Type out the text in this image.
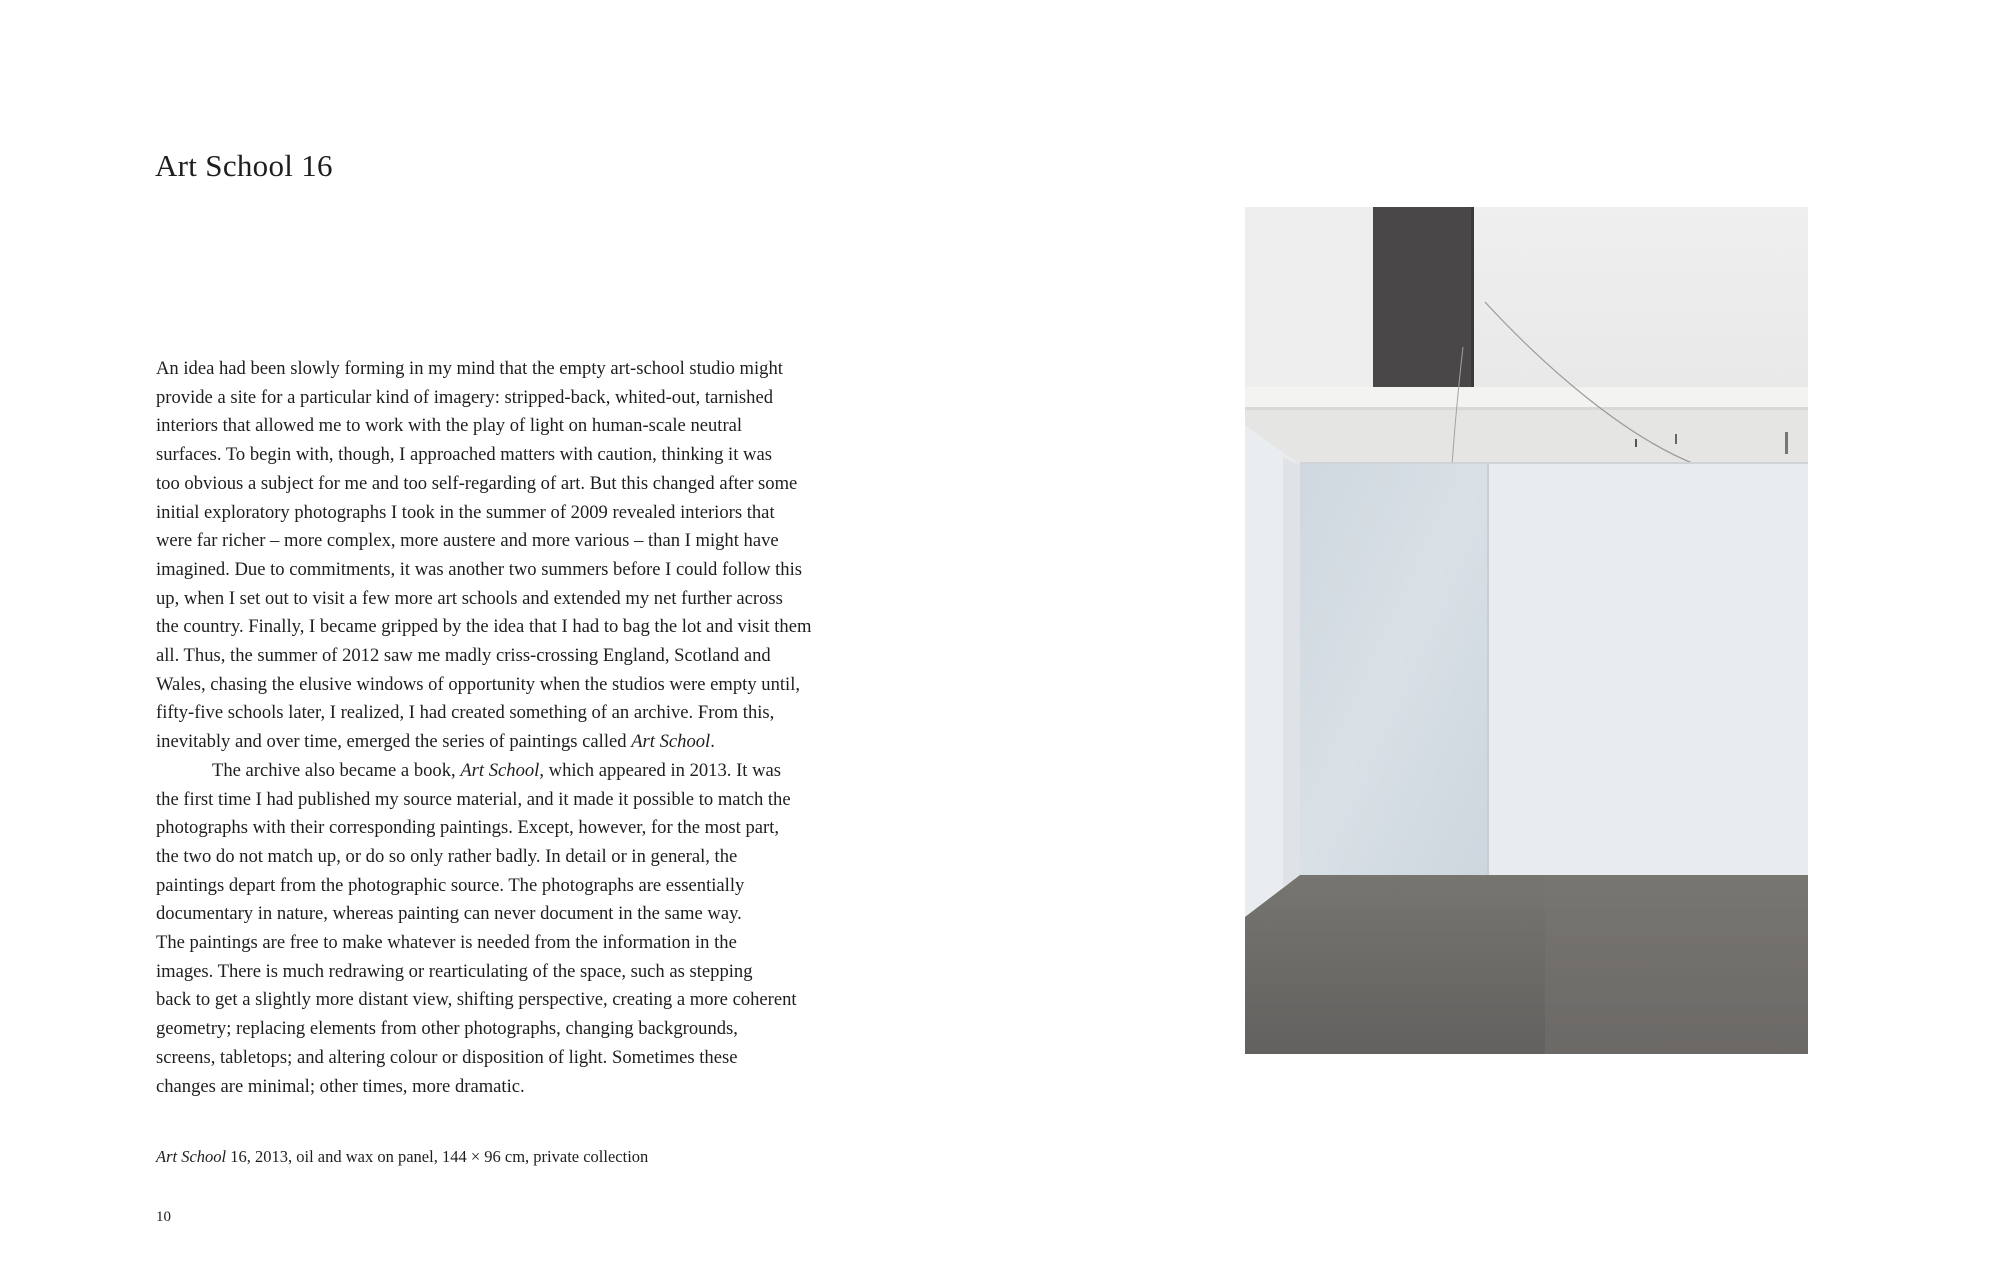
Art School 16

An idea had been slowly forming in my mind that the empty art-school studio might
provide a site for a particular kind of imagery: stripped-back, whited-out, tarnished
interiors that allowed me to work with the play of light on human-scale neutral
surfaces. To begin with, though, I approached matters with caution, thinking it was
too obvious a subject for me and too self-regarding of art. But this changed after some
initial exploratory photographs I took in the summer of 2009 revealed interiors that
were far richer – more complex, more austere and more various – than I might have
imagined. Due to commitments, it was another two summers before I could follow this
up, when I set out to visit a few more art schools and extended my net further across
the country. Finally, I became gripped by the idea that I had to bag the lot and visit them
all. Thus, the summer of 2012 saw me madly criss-crossing England, Scotland and
Wales, chasing the elusive windows of opportunity when the studios were empty until,
fifty-five schools later, I realized, I had created something of an archive. From this,
inevitably and over time, emerged the series of paintings called Art School.

The archive also became a book, Art School, which appeared in 2013. It was
the first time I had published my source material, and it made it possible to match the
photographs with their corresponding paintings. Except, however, for the most part,
the two do not match up, or do so only rather badly. In detail or in general, the
paintings depart from the photographic source. The photographs are essentially
documentary in nature, whereas painting can never document in the same way.
The paintings are free to make whatever is needed from the information in the
images. There is much redrawing or rearticulating of the space, such as stepping
back to get a slightly more distant view, shifting perspective, creating a more coherent
geometry; replacing elements from other photographs, changing backgrounds,
screens, tabletops; and altering colour or disposition of light. Sometimes these
changes are minimal; other times, more dramatic.

Art School 16, 2013, oil and wax on panel, 144 × 96 cm, private collection
10
